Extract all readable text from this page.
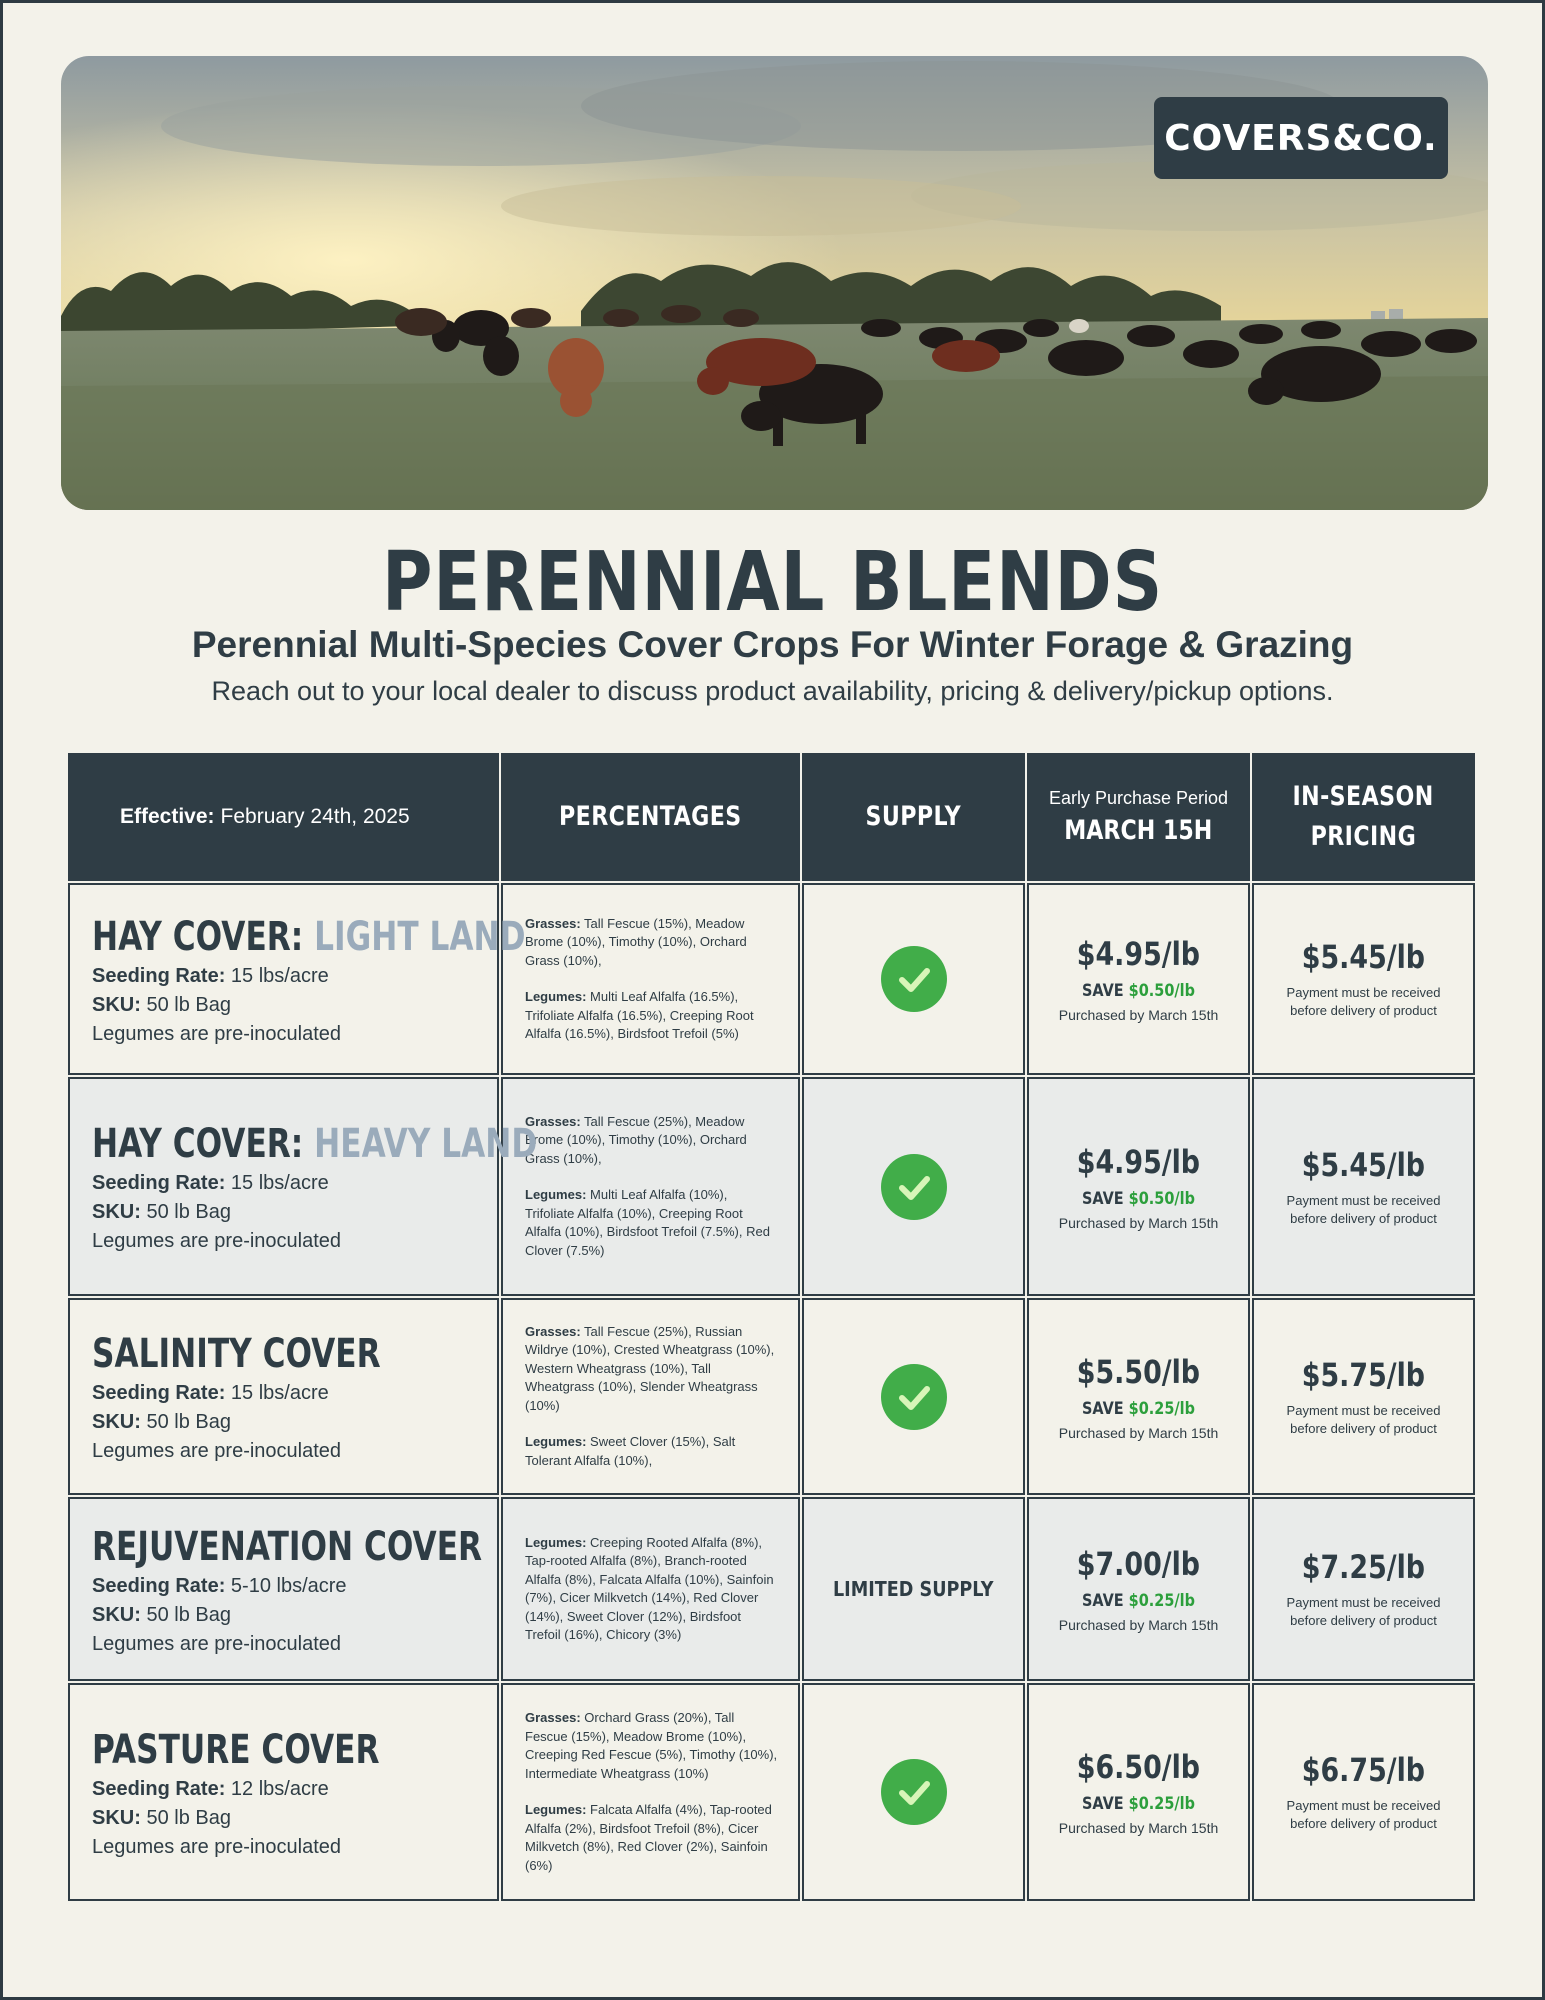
COVERS&CO.
PERENNIAL BLENDS
Perennial Multi-Species Cover Crops For Winter Forage & Grazing
Reach out to your local dealer to discuss product availability, pricing & delivery/pickup options.
Effective: February 24th, 2025	PERCENTAGES	SUPPLY
Early Purchase Period
MARCH 15H
IN-SEASON
PRICING
HAY COVER: LIGHT LAND
Seeding Rate: 15 lbs/acre
SKU: 50 lb Bag
Legumes are pre-inoculated

Grasses: Tall Fescue (15%), Meadow Brome (10%), Timothy (10%), Orchard Grass (10%),

Legumes: Multi Leaf Alfalfa (16.5%), Trifoliate Alfalfa (16.5%), Creeping Root Alfalfa (16.5%), Birdsfoot Trefoil (5%)

$4.95/lb
SAVE $0.50/lb
Purchased by March 15th
$5.45/lb
Payment must be received
before delivery of product
HAY COVER: HEAVY LAND
Seeding Rate: 15 lbs/acre
SKU: 50 lb Bag
Legumes are pre-inoculated

Grasses: Tall Fescue (25%), Meadow Brome (10%), Timothy (10%), Orchard Grass (10%),

Legumes: Multi Leaf Alfalfa (10%), Trifoliate Alfalfa (10%), Creeping Root Alfalfa (10%), Birdsfoot Trefoil (7.5%), Red Clover (7.5%)

$4.95/lb
SAVE $0.50/lb
Purchased by March 15th
$5.45/lb
Payment must be received
before delivery of product
SALINITY COVER
Seeding Rate: 15 lbs/acre
SKU: 50 lb Bag
Legumes are pre-inoculated

Grasses: Tall Fescue (25%), Russian Wildrye (10%), Crested Wheatgrass (10%), Western Wheatgrass (10%), Tall Wheatgrass (10%), Slender Wheatgrass (10%)

Legumes: Sweet Clover (15%), Salt Tolerant Alfalfa (10%),

$5.50/lb
SAVE $0.25/lb
Purchased by March 15th
$5.75/lb
Payment must be received
before delivery of product
REJUVENATION COVER
Seeding Rate: 5-10 lbs/acre
SKU: 50 lb Bag
Legumes are pre-inoculated

Legumes: Creeping Rooted Alfalfa (8%), Tap-rooted Alfalfa (8%), Branch-rooted Alfalfa (8%), Falcata Alfalfa (10%), Sainfoin (7%), Cicer Milkvetch (14%), Red Clover (14%), Sweet Clover (12%), Birdsfoot Trefoil (16%), Chicory (3%)

LIMITED SUPPLY
$7.00/lb
SAVE $0.25/lb
Purchased by March 15th
$7.25/lb
Payment must be received
before delivery of product
PASTURE COVER
Seeding Rate: 12 lbs/acre
SKU: 50 lb Bag
Legumes are pre-inoculated

Grasses: Orchard Grass (20%), Tall Fescue (15%), Meadow Brome (10%), Creeping Red Fescue (5%), Timothy (10%), Intermediate Wheatgrass (10%)

Legumes: Falcata Alfalfa (4%), Tap-rooted Alfalfa (2%), Birdsfoot Trefoil (8%), Cicer Milkvetch (8%), Red Clover (2%), Sainfoin (6%)

$6.50/lb
SAVE $0.25/lb
Purchased by March 15th
$6.75/lb
Payment must be received
before delivery of product
